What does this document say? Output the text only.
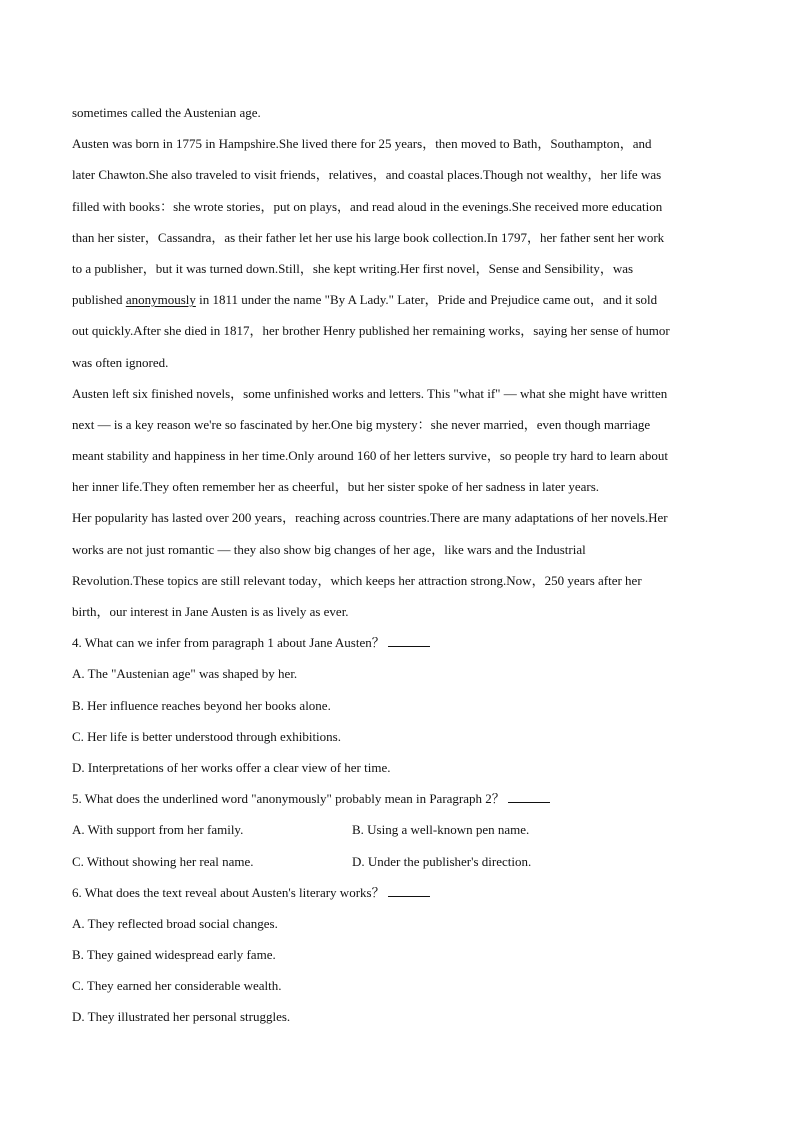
sometimes called the Austenian age.
Austen was born in 1775 in Hampshire.She lived there for 25 years，then moved to Bath，Southampton，and
later Chawton.She also traveled to visit friends，relatives，and coastal places.Though not wealthy，her life was
filled with books：she wrote stories，put on plays，and read aloud in the evenings.She received more education
than her sister，Cassandra，as their father let her use his large book collection.In 1797，her father sent her work
to a publisher，but it was turned down.Still，she kept writing.Her first novel，Sense and Sensibility，was
published anonymously in 1811 under the name "By A Lady." Later，Pride and Prejudice came out，and it sold
out quickly.After she died in 1817，her brother Henry published her remaining works，saying her sense of humor
was often ignored.
Austen left six finished novels，some unfinished works and letters. This "what if" — what she might have written
next — is a key reason we're so fascinated by her.One big mystery：she never married，even though marriage
meant stability and happiness in her time.Only around 160 of her letters survive，so people try hard to learn about
her inner life.They often remember her as cheerful，but her sister spoke of her sadness in later years.
Her popularity has lasted over 200 years，reaching across countries.There are many adaptations of her novels.Her
works are not just romantic — they also show big changes of her age，like wars and the Industrial
Revolution.These topics are still relevant today，which keeps her attraction strong.Now，250 years after her
birth，our interest in Jane Austen is as lively as ever.
4. What can we infer from paragraph 1 about Jane Austen？
A. The "Austenian age" was shaped by her.
B. Her influence reaches beyond her books alone.
C. Her life is better understood through exhibitions.
D. Interpretations of her works offer a clear view of her time.
5. What does the underlined word "anonymously" probably mean in Paragraph 2？
A. With support from her family.	B. Using a well-known pen name.
C. Without showing her real name.	D. Under the publisher's direction.
6. What does the text reveal about Austen's literary works？
A. They reflected broad social changes.
B. They gained widespread early fame.
C. They earned her considerable wealth.
D. They illustrated her personal struggles.
